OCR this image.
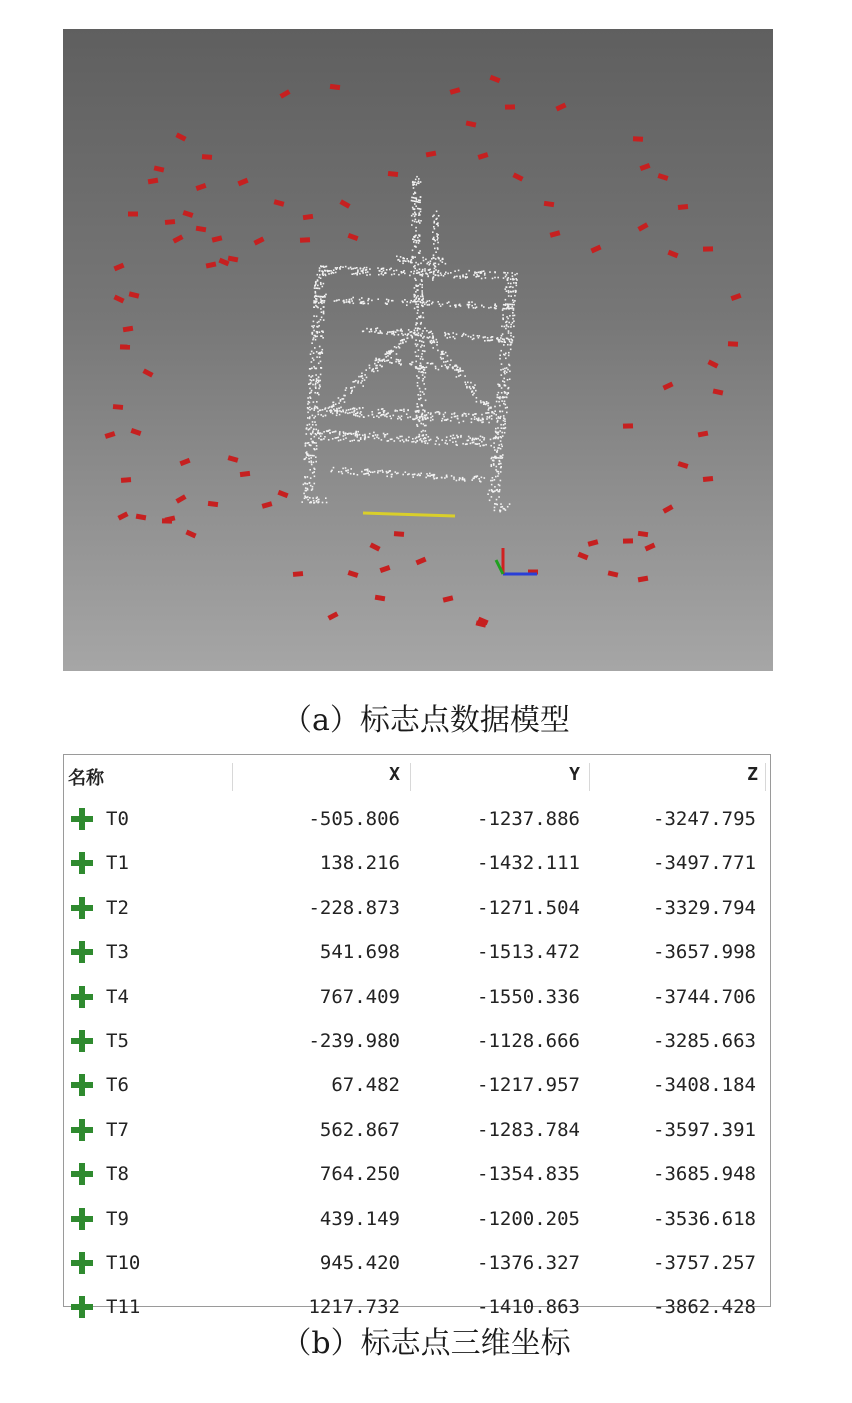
（a）标志点数据模型
名称	X	Y	Z
T0	-505.806	-1237.886	-3247.795
T1	138.216	-1432.111	-3497.771
T2	-228.873	-1271.504	-3329.794
T3	541.698	-1513.472	-3657.998
T4	767.409	-1550.336	-3744.706
T5	-239.980	-1128.666	-3285.663
T6	67.482	-1217.957	-3408.184
T7	562.867	-1283.784	-3597.391
T8	764.250	-1354.835	-3685.948
T9	439.149	-1200.205	-3536.618
T10	945.420	-1376.327	-3757.257
T11	1217.732	-1410.863	-3862.428
（b）标志点三维坐标
